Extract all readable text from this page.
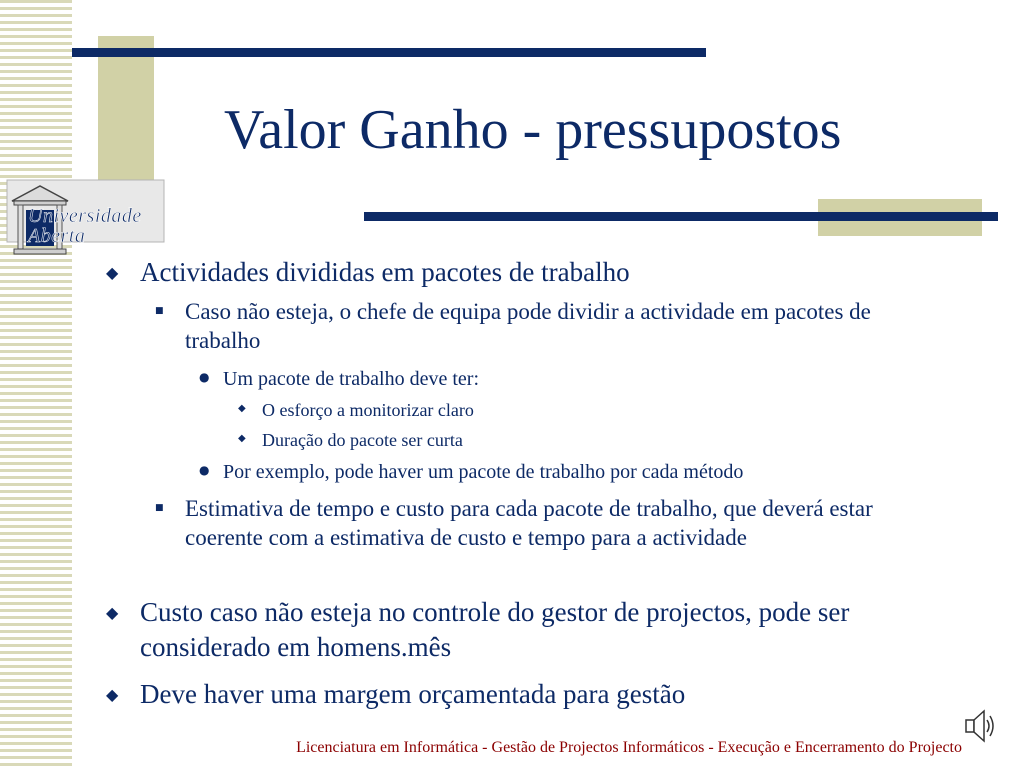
Valor Ganho - pressupostos
Universidade
Aberta
◆ Actividades divididas em pacotes de trabalho
■ Caso não esteja, o chefe de equipa pode dividir a actividade em pacotes de trabalho
● Um pacote de trabalho deve ter:
◆ O esforço a monitorizar claro
◆ Duração do pacote ser curta
● Por exemplo, pode haver um pacote de trabalho por cada método
■ Estimativa de tempo e custo para cada pacote de trabalho, que deverá estar coerente com a estimativa de custo e tempo para a actividade
◆ Custo caso não esteja no controle do gestor de projectos, pode ser considerado em homens.mês
◆ Deve haver uma margem orçamentada para gestão
Licenciatura em Informática - Gestão de Projectos Informáticos - Execução e Encerramento do Projecto
